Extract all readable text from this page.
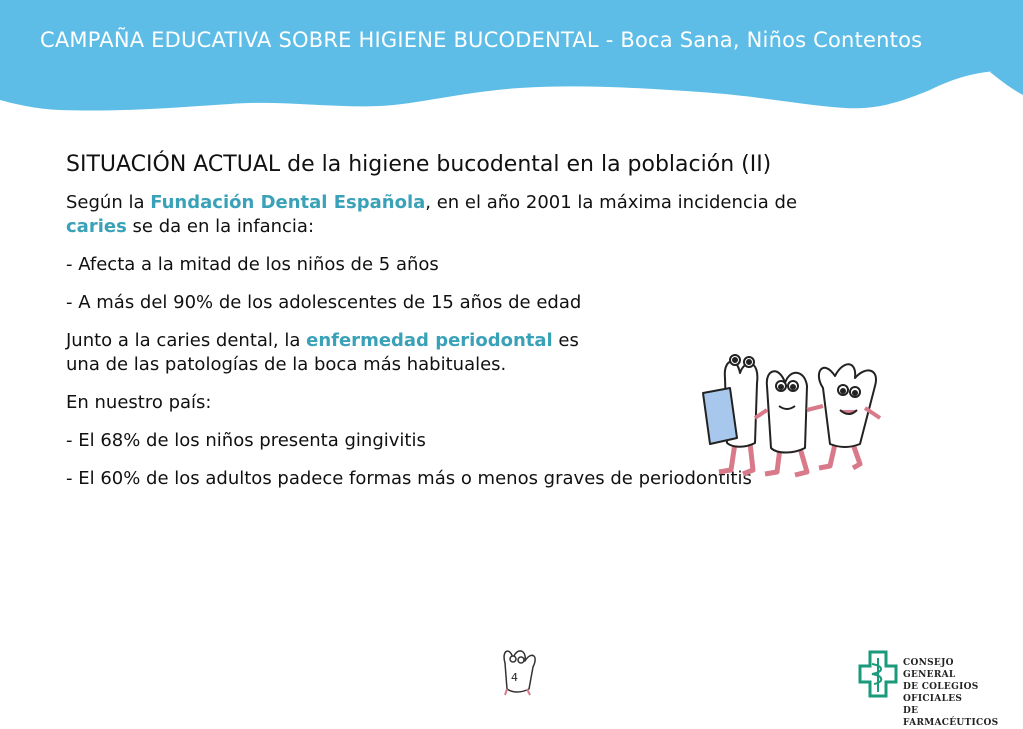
CAMPAÑA EDUCATIVA SOBRE HIGIENE BUCODENTAL - Boca Sana, Niños Contentos
SITUACIÓN ACTUAL de la higiene bucodental en la población (II)
Según la Fundación Dental Española, en el año 2001 la máxima incidencia de
caries se da en la infancia:
- Afecta a la mitad de los niños de 5 años
- A más del 90% de los adolescentes de 15 años de edad
Junto a la caries dental, la enfermedad periodontal es
una de las patologías de la boca más habituales.
En nuestro país:
- El 68% de los niños presenta gingivitis
- El 60% de los adultos padece formas más o menos graves de periodontitis
4
CONSEJO GENERAL
DE COLEGIOS OFICIALES
DE FARMACÉUTICOS
